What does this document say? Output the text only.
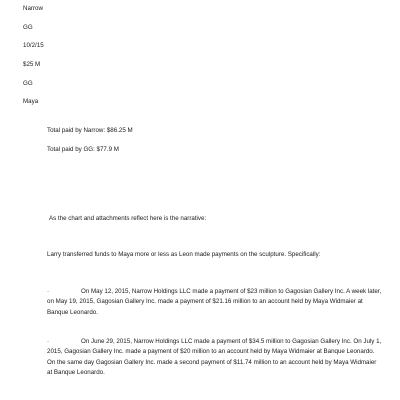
Narrow
GG
10/2/15
$25 M
GG
Maya
Total paid by Narrow: $86.25 M
Total paid by GG: $77.9 M
As the chart and attachments reflect here is the narrative:
Larry transferred funds to Maya more or less as Leon made payments on the sculpture. Specifically:
·	On May 12, 2015, Narrow Holdings LLC made a payment of $23 million to Gagosian Gallery Inc. A week later, on May 19, 2015, Gagosian Gallery Inc. made a payment of $21.16 million to an account held by Maya Widmaier at Banque Leonardo.
·	On June 29, 2015, Narrow Holdings LLC made a payment of $34.5 million to Gagosian Gallery Inc. On July 1, 2015, Gagosian Gallery Inc. made a payment of $20 million to an account held by Maya Widmaier at Banque Leonardo. On the same day Gagosian Gallery Inc. made a second payment of $11.74 million to an account held by Maya Widmaier at Banque Leonardo.
